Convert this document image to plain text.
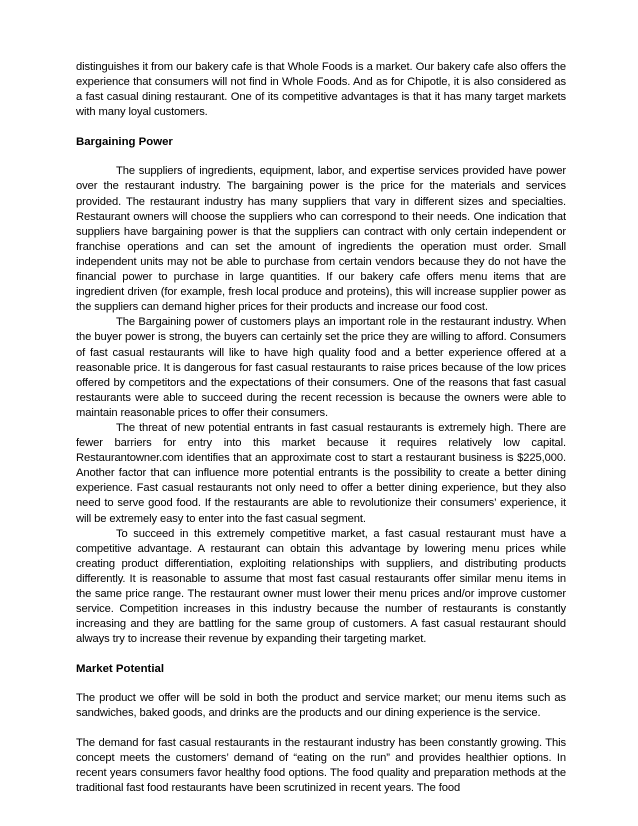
distinguishes it from our bakery cafe is that Whole Foods is a market. Our bakery cafe also offers the experience that consumers will not find in Whole Foods. And as for Chipotle, it is also considered as a fast casual dining restaurant. One of its competitive advantages is that it has many target markets with many loyal customers.

Bargaining Power

The suppliers of ingredients, equipment, labor, and expertise services provided have power over the restaurant industry. The bargaining power is the price for the materials and services provided. The restaurant industry has many suppliers that vary in different sizes and specialties. Restaurant owners will choose the suppliers who can correspond to their needs. One indication that suppliers have bargaining power is that the suppliers can contract with only certain independent or franchise operations and can set the amount of ingredients the operation must order. Small independent units may not be able to purchase from certain vendors because they do not have the financial power to purchase in large quantities. If our bakery cafe offers menu items that are ingredient driven (for example, fresh local produce and proteins), this will increase supplier power as the suppliers can demand higher prices for their products and increase our food cost.

The Bargaining power of customers plays an important role in the restaurant industry. When the buyer power is strong, the buyers can certainly set the price they are willing to afford. Consumers of fast casual restaurants will like to have high quality food and a better experience offered at a reasonable price. It is dangerous for fast casual restaurants to raise prices because of the low prices offered by competitors and the expectations of their consumers. One of the reasons that fast casual restaurants were able to succeed during the recent recession is because the owners were able to maintain reasonable prices to offer their consumers.

The threat of new potential entrants in fast casual restaurants is extremely high. There are fewer barriers for entry into this market because it requires relatively low capital. Restaurantowner.com identifies that an approximate cost to start a restaurant business is $225,000. Another factor that can influence more potential entrants is the possibility to create a better dining experience. Fast casual restaurants not only need to offer a better dining experience, but they also need to serve good food. If the restaurants are able to revolutionize their consumers’ experience, it will be extremely easy to enter into the fast casual segment.

To succeed in this extremely competitive market, a fast casual restaurant must have a competitive advantage. A restaurant can obtain this advantage by lowering menu prices while creating product differentiation, exploiting relationships with suppliers, and distributing products differently. It is reasonable to assume that most fast casual restaurants offer similar menu items in the same price range. The restaurant owner must lower their menu prices and/or improve customer service. Competition increases in this industry because the number of restaurants is constantly increasing and they are battling for the same group of customers. A fast casual restaurant should always try to increase their revenue by expanding their targeting market.

Market Potential

The product we offer will be sold in both the product and service market; our menu items such as sandwiches, baked goods, and drinks are the products and our dining experience is the service.

The demand for fast casual restaurants in the restaurant industry has been constantly growing. This concept meets the customers’ demand of “eating on the run” and provides healthier options. In recent years consumers favor healthy food options. The food quality and preparation methods at the traditional fast food restaurants have been scrutinized in recent years. The food
